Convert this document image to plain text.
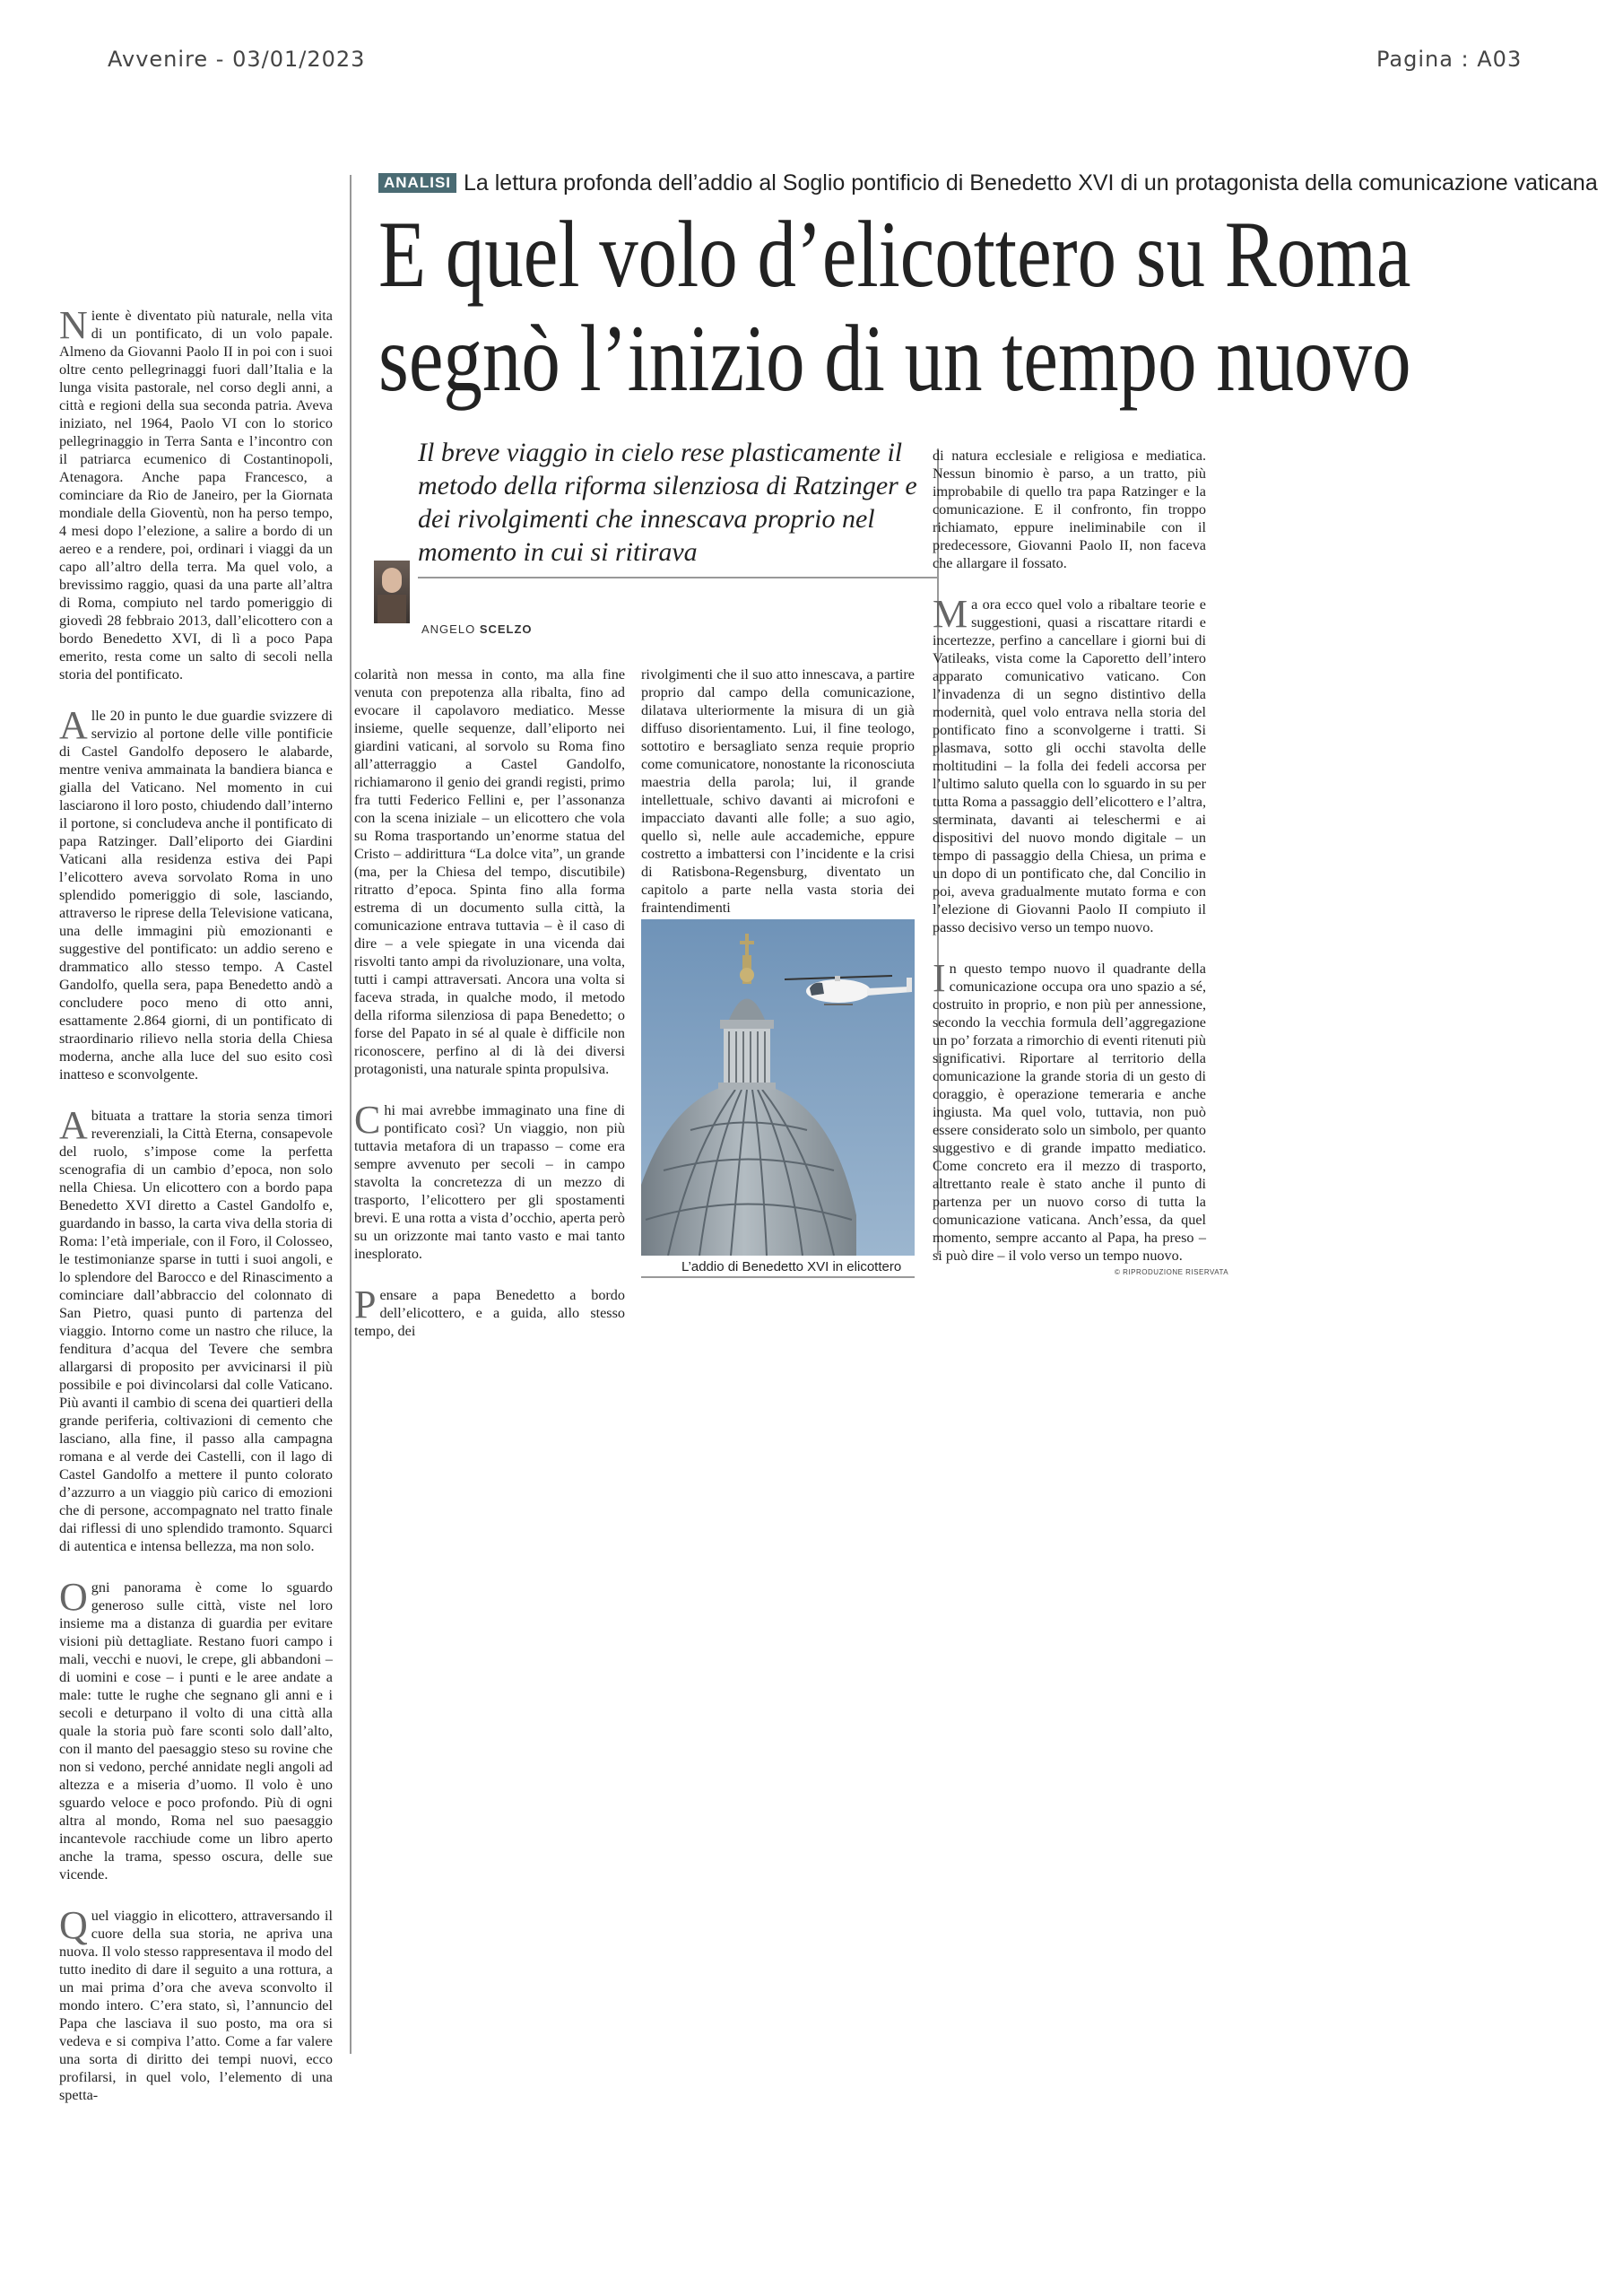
Avvenire - 03/01/2023	Pagina : A03
ANALISI La lettura profonda dell’addio al Soglio pontificio di Benedetto XVI di un protagonista della comunicazione vaticana
E quel volo d’elicottero su Roma
segnò l’inizio di un tempo nuovo
Il breve viaggio in cielo rese plasticamente il metodo della riforma silenziosa di Ratzinger e dei rivolgimenti che innescava proprio nel momento in cui si ritirava
ANGELO SCELZO

Niente è diventato più naturale, nella vita di un pontificato, di un volo papale. Almeno da Giovanni Paolo II in poi con i suoi oltre cento pellegrinaggi fuori dall’Italia e la lunga visita pastorale, nel corso degli anni, a città e regioni della sua seconda patria. Aveva iniziato, nel 1964, Paolo VI con lo storico pellegrinaggio in Terra Santa e l’incontro con il patriarca ecumenico di Costantinopoli, Atenagora. Anche papa Francesco, a cominciare da Rio de Janeiro, per la Giornata mondiale della Gioventù, non ha perso tempo, 4 mesi dopo l’elezione, a salire a bordo di un aereo e a rendere, poi, ordinari i viaggi da un capo all’altro della terra. Ma quel volo, a brevissimo raggio, quasi da una parte all’altra di Roma, compiuto nel tardo pomeriggio di giovedì 28 febbraio 2013, dall’elicottero con a bordo Benedetto XVI, di lì a poco Papa emerito, resta come un salto di secoli nella storia del pontificato.

Alle 20 in punto le due guardie svizzere di servizio al portone delle ville pontificie di Castel Gandolfo deposero le alabarde, mentre veniva ammainata la bandiera bianca e gialla del Vaticano. Nel momento in cui lasciarono il loro posto, chiudendo dall’interno il portone, si concludeva anche il pontificato di papa Ratzinger. Dall’eliporto dei Giardini Vaticani alla residenza estiva dei Papi l’elicottero aveva sorvolato Roma in uno splendido pomeriggio di sole, lasciando, attraverso le riprese della Televisione vaticana, una delle immagini più emozionanti e suggestive del pontificato: un addio sereno e drammatico allo stesso tempo. A Castel Gandolfo, quella sera, papa Benedetto andò a concludere poco meno di otto anni, esattamente 2.864 giorni, di un pontificato di straordinario rilievo nella storia della Chiesa moderna, anche alla luce del suo esito così inatteso e sconvolgente.

Abituata a trattare la storia senza timori reverenziali, la Città Eterna, consapevole del ruolo, s’impose come la perfetta scenografia di un cambio d’epoca, non solo nella Chiesa. Un elicottero con a bordo papa Benedetto XVI diretto a Castel Gandolfo e, guardando in basso, la carta viva della storia di Roma: l’età imperiale, con il Foro, il Colosseo, le testimonianze sparse in tutti i suoi angoli, e lo splendore del Barocco e del Rinascimento a cominciare dall’abbraccio del colonnato di San Pietro, quasi punto di partenza del viaggio. Intorno come un nastro che riluce, la fenditura d’acqua del Tevere che sembra allargarsi di proposito per avvicinarsi il più possibile e poi divincolarsi dal colle Vaticano. Più avanti il cambio di scena dei quartieri della grande periferia, coltivazioni di cemento che lasciano, alla fine, il passo alla campagna romana e al verde dei Castelli, con il lago di Castel Gandolfo a mettere il punto colorato d’azzurro a un viaggio più carico di emozioni che di persone, accompagnato nel tratto finale dai riflessi di uno splendido tramonto. Squarci di autentica e intensa bellezza, ma non solo.

Ogni panorama è come lo sguardo generoso sulle città, viste nel loro insieme ma a distanza di guardia per evitare visioni più dettagliate. Restano fuori campo i mali, vecchi e nuovi, le crepe, gli abbandoni – di uomini e cose – i punti e le aree andate a male: tutte le rughe che segnano gli anni e i secoli e deturpano il volto di una città alla quale la storia può fare sconti solo dall’alto, con il manto del paesaggio steso su rovine che non si vedono, perché annidate negli angoli ad altezza e a miseria d’uomo. Il volo è uno sguardo veloce e poco profondo. Più di ogni altra al mondo, Roma nel suo paesaggio incantevole racchiude come un libro aperto anche la trama, spesso oscura, delle sue vicende.

Quel viaggio in elicottero, attraversando il cuore della sua storia, ne apriva una nuova. Il volo stesso rappresentava il modo del tutto inedito di dare il seguito a una rottura, a un mai prima d’ora che aveva sconvolto il mondo intero. C’era stato, sì, l’annuncio del Papa che lasciava il suo posto, ma ora si vedeva e si compiva l’atto. Come a far valere una sorta di diritto dei tempi nuovi, ecco profilarsi, in quel volo, l’elemento di una spetta-

colarità non messa in conto, ma alla fine venuta con prepotenza alla ribalta, fino ad evocare il capolavoro mediatico. Messe insieme, quelle sequenze, dall’eliporto nei giardini vaticani, al sorvolo su Roma fino all’atterraggio a Castel Gandolfo, richiamarono il genio dei grandi registi, primo fra tutti Federico Fellini e, per l’assonanza con la scena iniziale – un elicottero che vola su Roma trasportando un’enorme statua del Cristo – addirittura “La dolce vita”, un grande (ma, per la Chiesa del tempo, discutibile) ritratto d’epoca. Spinta fino alla forma estrema di un documento sulla città, la comunicazione entrava tuttavia – è il caso di dire – a vele spiegate in una vicenda dai risvolti tanto ampi da rivoluzionare, una volta, tutti i campi attraversati. Ancora una volta si faceva strada, in qualche modo, il metodo della riforma silenziosa di papa Benedetto; o forse del Papato in sé al quale è difficile non riconoscere, perfino al di là dei diversi protagonisti, una naturale spinta propulsiva.

Chi mai avrebbe immaginato una fine di pontificato così? Un viaggio, non più tuttavia metafora di un trapasso – come era sempre avvenuto per secoli – in campo stavolta la concretezza di un mezzo di trasporto, l’elicottero per gli spostamenti brevi. E una rotta a vista d’occhio, aperta però su un orizzonte mai tanto vasto e mai tanto inesplorato.

Pensare a papa Benedetto a bordo dell’elicottero, e a guida, allo stesso tempo, dei

rivolgimenti che il suo atto innescava, a partire proprio dal campo della comunicazione, dilatava ulteriormente la misura di un già diffuso disorientamento. Lui, il fine teologo, sottotiro e bersagliato senza requie proprio come comunicatore, nonostante la riconosciuta maestria della parola; lui, il grande intellettuale, schivo davanti ai microfoni e impacciato davanti alle folle; a suo agio, quello sì, nelle aule accademiche, eppure costretto a imbattersi con l’incidente e la crisi di Ratisbona-Regensburg, diventato un capitolo a parte nella vasta storia dei fraintendimenti

L’addio di Benedetto XVI in elicottero

di natura ecclesiale e religiosa e mediatica. Nessun binomio è parso, a un tratto, più improbabile di quello tra papa Ratzinger e la comunicazione. E il confronto, fin troppo richiamato, eppure ineliminabile con il predecessore, Giovanni Paolo II, non faceva che allargare il fossato.

Ma ora ecco quel volo a ribaltare teorie e suggestioni, quasi a riscattare ritardi e incertezze, perfino a cancellare i giorni bui di Vatileaks, vista come la Caporetto dell’intero apparato comunicativo vaticano. Con l’invadenza di un segno distintivo della modernità, quel volo entrava nella storia del pontificato fino a sconvolgerne i tratti. Si plasmava, sotto gli occhi stavolta delle moltitudini – la folla dei fedeli accorsa per l’ultimo saluto quella con lo sguardo in su per tutta Roma a passaggio dell’elicottero e l’altra, sterminata, davanti ai teleschermi e ai dispositivi del nuovo mondo digitale – un tempo di passaggio della Chiesa, un prima e un dopo di un pontificato che, dal Concilio in poi, aveva gradualmente mutato forma e con l’elezione di Giovanni Paolo II compiuto il passo decisivo verso un tempo nuovo.

In questo tempo nuovo il quadrante della comunicazione occupa ora uno spazio a sé, costruito in proprio, e non più per annessione, secondo la vecchia formula dell’aggregazione un po’ forzata a rimorchio di eventi ritenuti più significativi. Riportare al territorio della comunicazione la grande storia di un gesto di coraggio, è operazione temeraria e anche ingiusta. Ma quel volo, tuttavia, non può essere considerato solo un simbolo, per quanto suggestivo e di grande impatto mediatico. Come concreto era il mezzo di trasporto, altrettanto reale è stato anche il punto di partenza per un nuovo corso di tutta la comunicazione vaticana. Anch’essa, da quel momento, sempre accanto al Papa, ha preso – si può dire – il volo verso un tempo nuovo.

© RIPRODUZIONE RISERVATA
